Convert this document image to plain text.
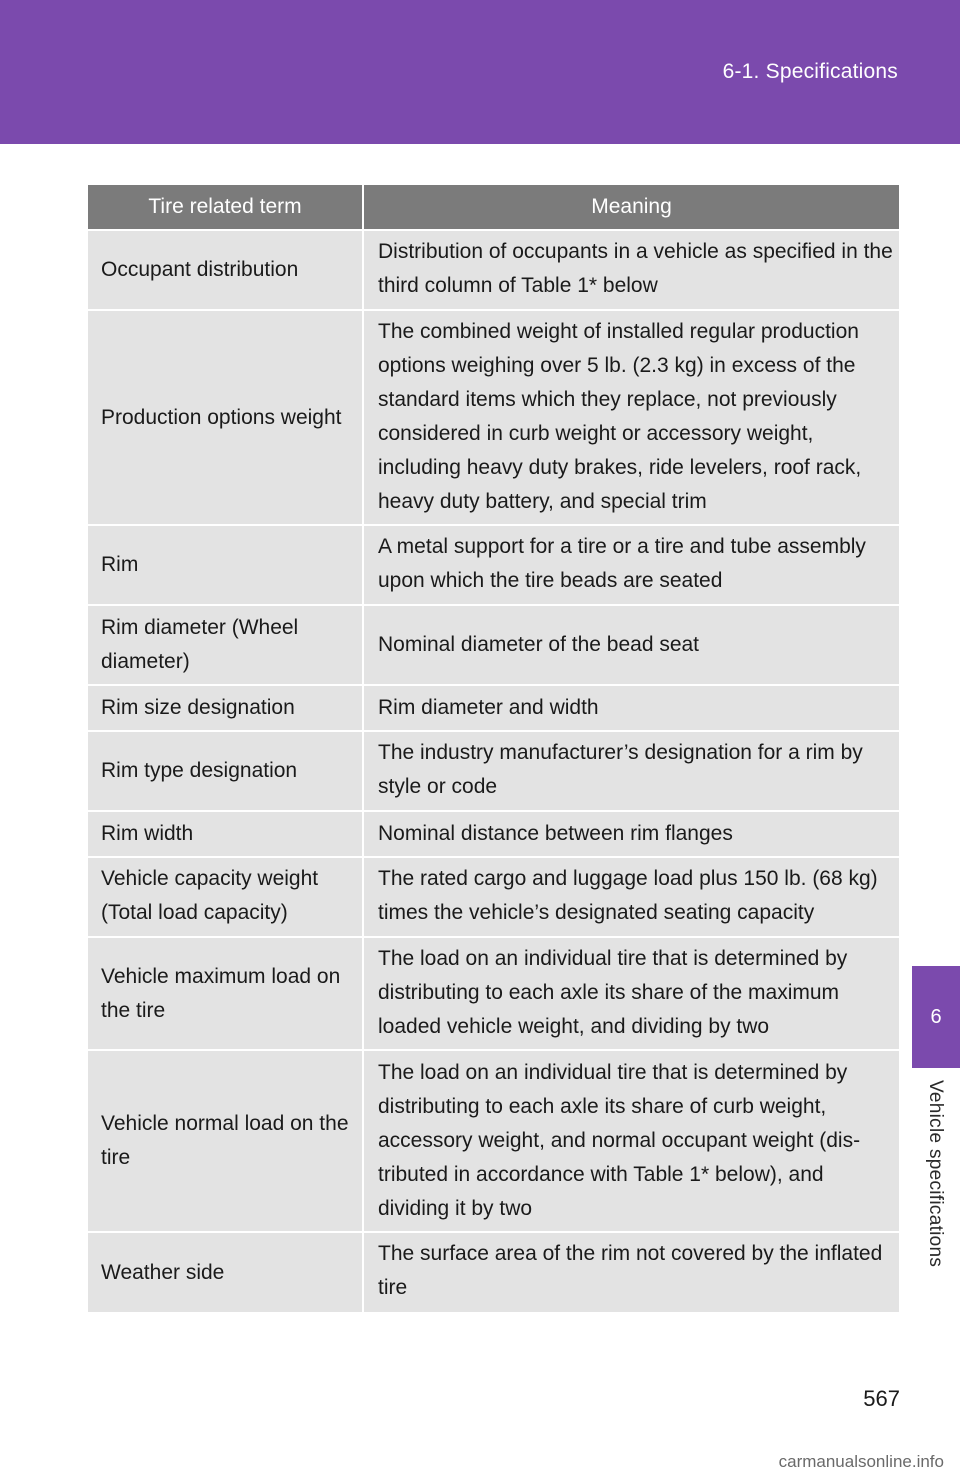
6-1. Specifications
6
Vehicle specifications
Tire related term	Meaning
Occupant distribution	Distribution of occupants in a vehicle as specified in the third column of Table 1* below
Production options weight	The combined weight of installed regular production options weighing over 5 lb. (2.3 kg) in excess of the standard items which they replace, not previously considered in curb weight or accessory weight, including heavy duty brakes, ride levelers, roof rack, heavy duty battery, and special trim
Rim	A metal support for a tire or a tire and tube assembly upon which the tire beads are seated
Rim diameter (Wheel diameter)	Nominal diameter of the bead seat
Rim size designation	Rim diameter and width
Rim type designation	The industry manufacturer’s designation for a rim by style or code
Rim width	Nominal distance between rim flanges
Vehicle capacity weight (Total load capacity)	The rated cargo and luggage load plus 150 lb. (68 kg) times the vehicle’s designated seating capacity
Vehicle maximum load on the tire	The load on an individual tire that is determined by distributing to each axle its share of the maximum loaded vehicle weight, and dividing by two
Vehicle normal load on the tire	The load on an individual tire that is determined by distributing to each axle its share of curb weight, accessory weight, and normal occupant weight (dis-tributed in accordance with Table 1* below), and dividing it by two
Weather side	The surface area of the rim not covered by the inflated tire
567
carmanualsonline.info
